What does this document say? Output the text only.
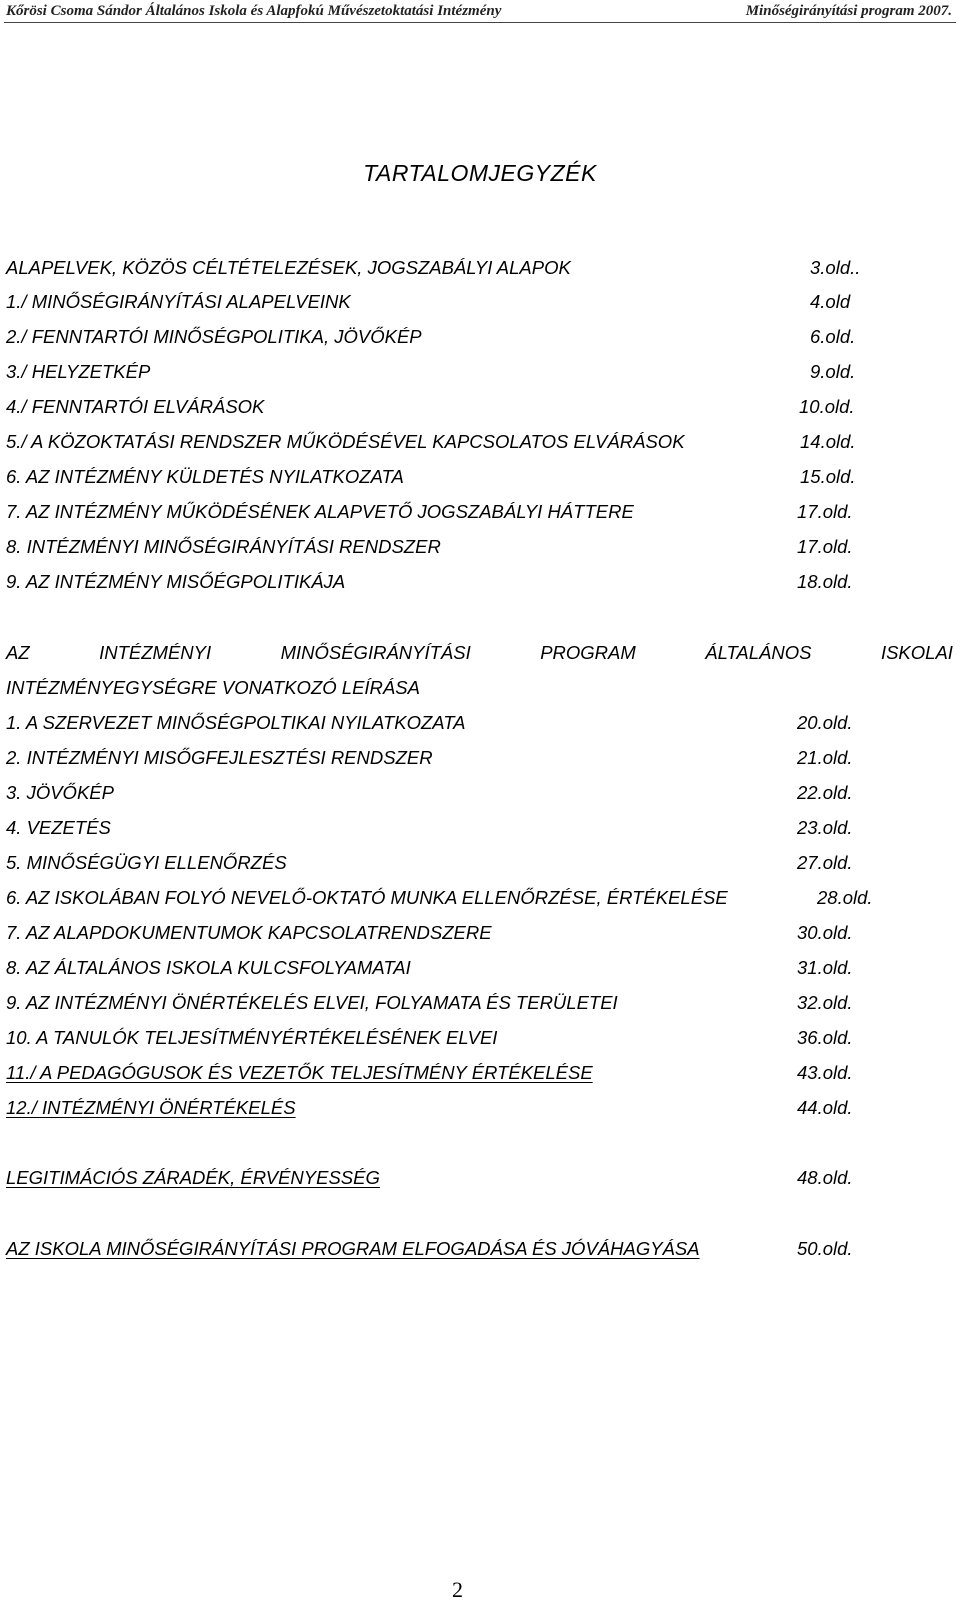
Kőrösi Csoma Sándor Általános Iskola és Alapfokú Művészetoktatási Intézmény	Minőségirányítási program 2007.
TARTALOMJEGYZÉK
ALAPELVEK, KÖZÖS CÉLTÉTELEZÉSEK, JOGSZABÁLYI ALAPOK	3.old..
1./ MINŐSÉGIRÁNYÍTÁSI ALAPELVEINK	4.old
2./ FENNTARTÓI MINŐSÉGPOLITIKA, JÖVŐKÉP	6.old.
3./ HELYZETKÉP	9.old.
4./ FENNTARTÓI ELVÁRÁSOK	10.old.
5./ A KÖZOKTATÁSI RENDSZER MŰKÖDÉSÉVEL KAPCSOLATOS ELVÁRÁSOK	14.old.
6. AZ INTÉZMÉNY KÜLDETÉS NYILATKOZATA	15.old.
7. AZ INTÉZMÉNY MŰKÖDÉSÉNEK ALAPVETŐ JOGSZABÁLYI HÁTTERE	17.old.
8. INTÉZMÉNYI MINŐSÉGIRÁNYÍTÁSI RENDSZER	17.old.
9. AZ INTÉZMÉNY MISŐÉGPOLITIKÁJA	18.old.
AZ	INTÉZMÉNYI	MINŐSÉGIRÁNYÍTÁSI	PROGRAM	ÁLTALÁNOS	ISKOLAI
INTÉZMÉNYEGYSÉGRE VONATKOZÓ LEÍRÁSA
1. A SZERVEZET MINŐSÉGPOLTIKAI NYILATKOZATA	20.old.
2. INTÉZMÉNYI MISŐGFEJLESZTÉSI RENDSZER	21.old.
3. JÖVŐKÉP	22.old.
4. VEZETÉS	23.old.
5. MINŐSÉGÜGYI ELLENŐRZÉS	27.old.
6. AZ ISKOLÁBAN FOLYÓ NEVELŐ-OKTATÓ MUNKA ELLENŐRZÉSE, ÉRTÉKELÉSE	28.old.
7. AZ ALAPDOKUMENTUMOK KAPCSOLATRENDSZERE	30.old.
8. AZ ÁLTALÁNOS ISKOLA KULCSFOLYAMATAI	31.old.
9. AZ INTÉZMÉNYI ÖNÉRTÉKELÉS ELVEI, FOLYAMATA ÉS TERÜLETEI	32.old.
10. A TANULÓK TELJESÍTMÉNYÉRTÉKELÉSÉNEK ELVEI	36.old.
11./ A PEDAGÓGUSOK ÉS VEZETŐK TELJESÍTMÉNY ÉRTÉKELÉSE	43.old.
12./ INTÉZMÉNYI ÖNÉRTÉKELÉS	44.old.
LEGITIMÁCIÓS ZÁRADÉK, ÉRVÉNYESSÉG	48.old.
AZ ISKOLA MINŐSÉGIRÁNYÍTÁSI PROGRAM ELFOGADÁSA ÉS JÓVÁHAGYÁSA	50.old.
2
